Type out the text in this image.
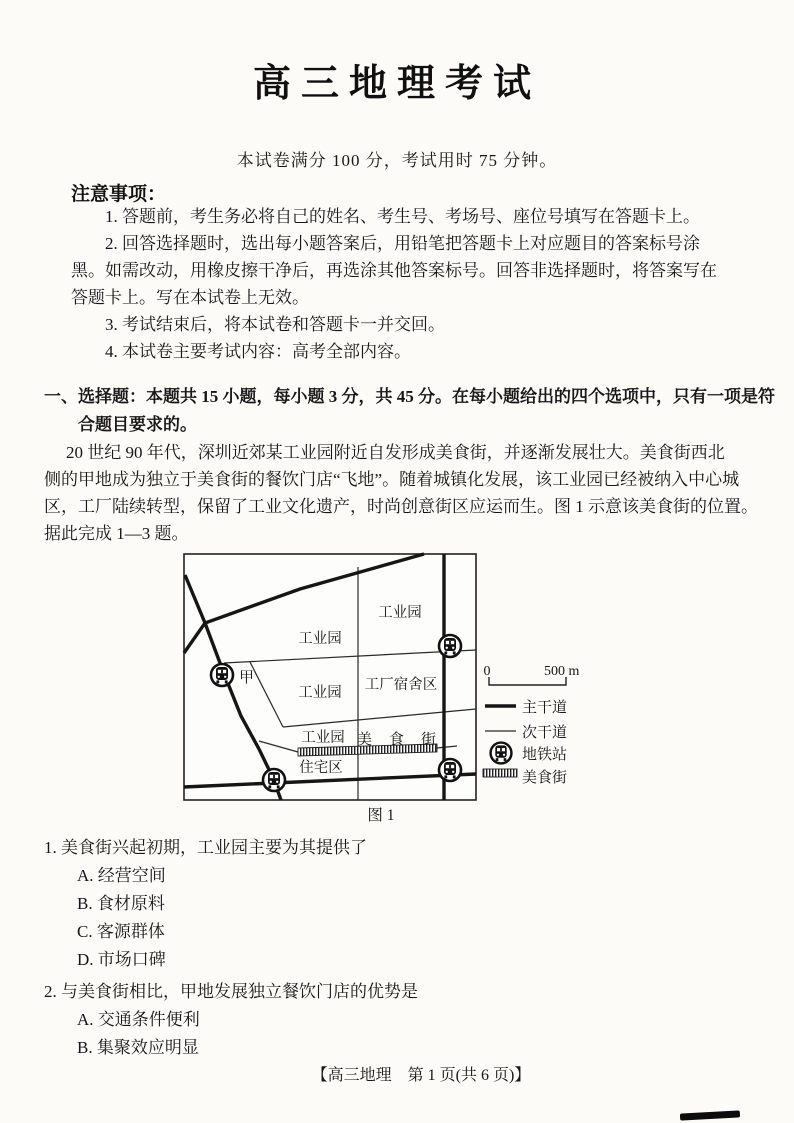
高三地理考试
本试卷满分 100 分，考试用时 75 分钟。
注意事项：
1. 答题前，考生务必将自己的姓名、考生号、考场号、座位号填写在答题卡上。
2. 回答选择题时，选出每小题答案后，用铅笔把答题卡上对应题目的答案标号涂
黑。如需改动，用橡皮擦干净后，再选涂其他答案标号。回答非选择题时，将答案写在
答题卡上。写在本试卷上无效。
3. 考试结束后，将本试卷和答题卡一并交回。
4. 本试卷主要考试内容：高考全部内容。
一、选择题：本题共 15 小题，每小题 3 分，共 45 分。在每小题给出的四个选项中，只有一项是符
合题目要求的。
20 世纪 90 年代，深圳近郊某工业园附近自发形成美食街，并逐渐发展壮大。美食街西北
侧的甲地成为独立于美食街的餐饮门店“飞地”。随着城镇化发展，该工业园已经被纳入中心城
区，工厂陆续转型，保留了工业文化遗产，时尚创意街区应运而生。图 1 示意该美食街的位置。
据此完成 1—3 题。
工业园
工业园
工业园 工厂宿舍区
工业园 美食街
住宅区
甲	0	500 m
主干道
次干道
地铁站
美食街
图 1
1. 美食街兴起初期，工业园主要为其提供了
A. 经营空间
B. 食材原料
C. 客源群体
D. 市场口碑
2. 与美食街相比，甲地发展独立餐饮门店的优势是
A. 交通条件便利
B. 集聚效应明显
【高三地理　第 1 页(共 6 页)】
